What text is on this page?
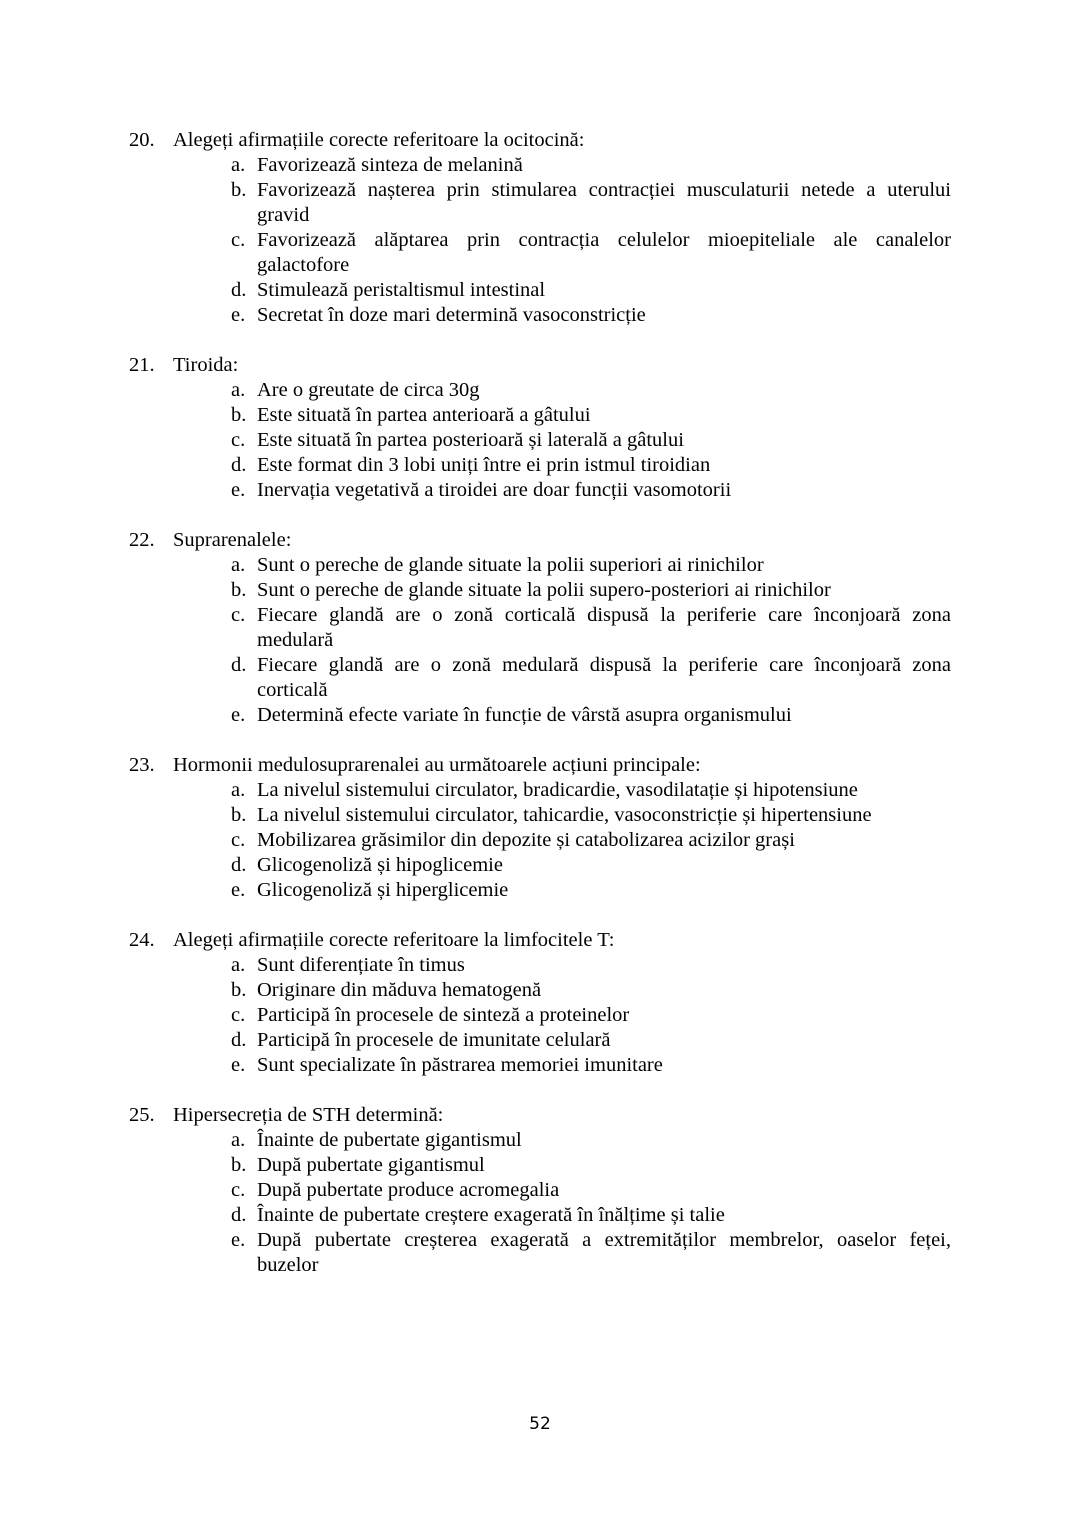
20. Alegeți afirmațiile corecte referitoare la ocitocină:
a. Favorizează sinteza de melanină
b. Favorizează nașterea prin stimularea contracției musculaturii netede a uterului gravid
c. Favorizează alăptarea prin contracția celulelor mioepiteliale ale canalelor galactofore
d. Stimulează peristaltismul intestinal
e. Secretat în doze mari determină vasoconstricție
21. Tiroida:
a. Are o greutate de circa 30g
b. Este situată în partea anterioară a gâtului
c. Este situată în partea posterioară și laterală a gâtului
d. Este format din 3 lobi uniți între ei prin istmul tiroidian
e. Inervația vegetativă a tiroidei are doar funcții vasomotorii
22. Suprarenalele:
a. Sunt o pereche de glande situate la polii superiori ai rinichilor
b. Sunt o pereche de glande situate la polii supero-posteriori ai rinichilor
c. Fiecare glandă are o zonă corticală dispusă la periferie care înconjoară zona medulară
d. Fiecare glandă are o zonă medulară dispusă la periferie care înconjoară zona corticală
e. Determină efecte variate în funcție de vârstă asupra organismului
23. Hormonii medulosuprarenalei au următoarele acțiuni principale:
a. La nivelul sistemului circulator, bradicardie, vasodilatație și hipotensiune
b. La nivelul sistemului circulator, tahicardie, vasoconstricție și hipertensiune
c. Mobilizarea grăsimilor din depozite și catabolizarea acizilor grași
d. Glicogenoliză și hipoglicemie
e. Glicogenoliză și hiperglicemie
24. Alegeți afirmațiile corecte referitoare la limfocitele T:
a. Sunt diferențiate în timus
b. Originare din măduva hematogenă
c. Participă în procesele de sinteză a proteinelor
d. Participă în procesele de imunitate celulară
e. Sunt specializate în păstrarea memoriei imunitare
25. Hipersecreția de STH determină:
a. Înainte de pubertate gigantismul
b. După pubertate gigantismul
c. După pubertate produce acromegalia
d. Înainte de pubertate creștere exagerată în înălțime și talie
e. După pubertate creșterea exagerată a extremităților membrelor, oaselor feței, buzelor
52
